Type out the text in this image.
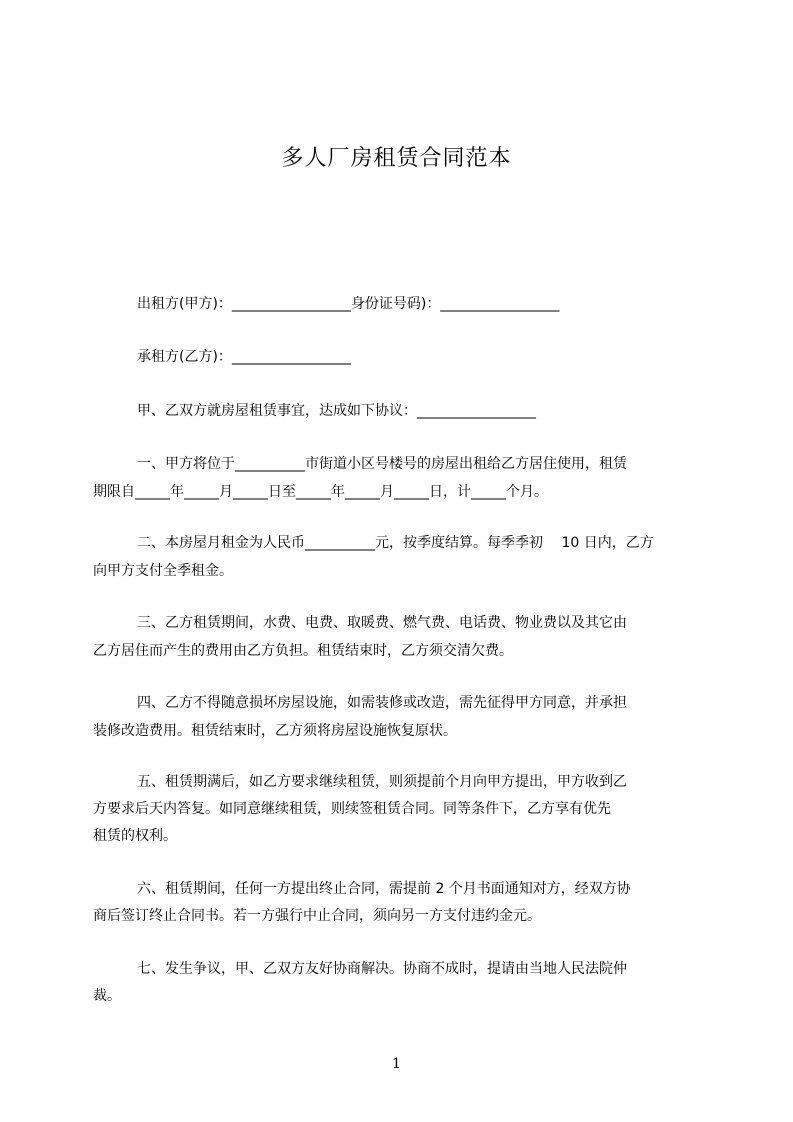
多人厂房租赁合同范本
出租方(甲方)：_________________身份证号码)：_________________
承租方(乙方)：_________________
甲、乙双方就房屋租赁事宜，达成如下协议：_________________
一、甲方将位于__________市街道小区号楼号的房屋出租给乙方居住使用，租赁
期限自_____年_____月_____日至_____年_____月_____日，计_____个月。
二、本房屋月租金为人民币__________元，按季度结算。每季季初　 10 日内，乙方
向甲方支付全季租金。
三、乙方租赁期间，水费、电费、取暖费、燃气费、电话费、物业费以及其它由
乙方居住而产生的费用由乙方负担。租赁结束时，乙方须交清欠费。
四、乙方不得随意损坏房屋设施，如需装修或改造，需先征得甲方同意，并承担
装修改造费用。租赁结束时，乙方须将房屋设施恢复原状。
五、租赁期满后，如乙方要求继续租赁，则须提前个月向甲方提出，甲方收到乙
方要求后天内答复。如同意继续租赁，则续签租赁合同。同等条件下，乙方享有优先
租赁的权利。
六、租赁期间，任何一方提出终止合同，需提前 2 个月书面通知对方，经双方协
商后签订终止合同书。若一方强行中止合同，须向另一方支付违约金元。
七、发生争议，甲、乙双方友好协商解决。协商不成时，提请由当地人民法院仲
裁。
1
